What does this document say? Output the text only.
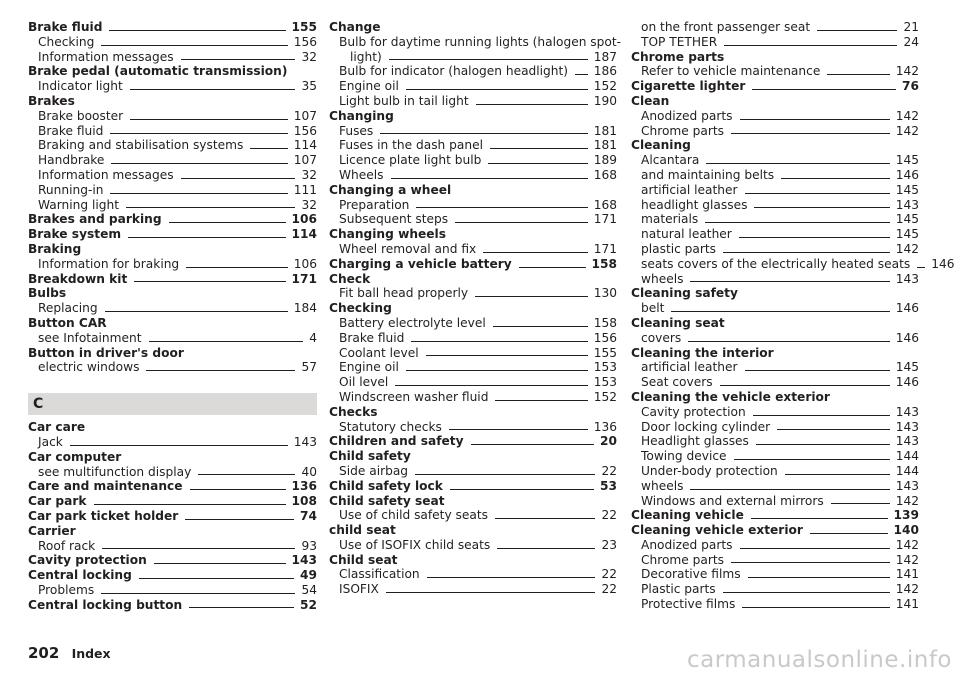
Brake fluid	155
Checking	156
Information messages	32
Brake pedal (automatic transmission)
Indicator light	35
Brakes
Brake booster	107
Brake fluid	156
Braking and stabilisation systems	114
Handbrake	107
Information messages	32
Running-in	111
Warning light	32
Brakes and parking	106
Brake system	114
Braking
Information for braking	106
Breakdown kit	171
Bulbs
Replacing	184
Button CAR
see Infotainment	4
Button in driver's door
electric windows	57
C
Car care
Jack	143
Car computer
see multifunction display	40
Care and maintenance	136
Car park	108
Car park ticket holder	74
Carrier
Roof rack	93
Cavity protection	143
Central locking	49
Problems	54
Central locking button	52
Change
Bulb for daytime running lights (halogen spot-
light)	187
Bulb for indicator (halogen headlight) 186
Engine oil	152
Light bulb in tail light	190
Changing
Fuses	181
Fuses in the dash panel	181
Licence plate light bulb	189
Wheels	168
Changing a wheel
Preparation	168
Subsequent steps	171
Changing wheels
Wheel removal and fix	171
Charging a vehicle battery	158
Check
Fit ball head properly	130
Checking
Battery electrolyte level	158
Brake fluid	156
Coolant level	155
Engine oil	153
Oil level	153
Windscreen washer fluid	152
Checks
Statutory checks	136
Children and safety	20
Child safety
Side airbag	22
Child safety lock	53
Child safety seat
Use of child safety seats	22
child seat
Use of ISOFIX child seats	23
Child seat
Classification	22
ISOFIX	22
on the front passenger seat	21
TOP TETHER	24
Chrome parts
Refer to vehicle maintenance	142
Cigarette lighter	76
Clean
Anodized parts	142
Chrome parts	142
Cleaning
Alcantara	145
and maintaining belts	146
artificial leather	145
headlight glasses	143
materials	145
natural leather	145
plastic parts	142
seats covers of the electrically heated seats 146
wheels	143
Cleaning safety
belt	146
Cleaning seat
covers	146
Cleaning the interior
artificial leather	145
Seat covers	146
Cleaning the vehicle exterior
Cavity protection	143
Door locking cylinder	143
Headlight glasses	143
Towing device	144
Under-body protection	144
wheels	143
Windows and external mirrors	142
Cleaning vehicle	139
Cleaning vehicle exterior	140
Anodized parts	142
Chrome parts	142
Decorative films	141
Plastic parts	142
Protective films	141
202 Index	carmanualsonline.info
